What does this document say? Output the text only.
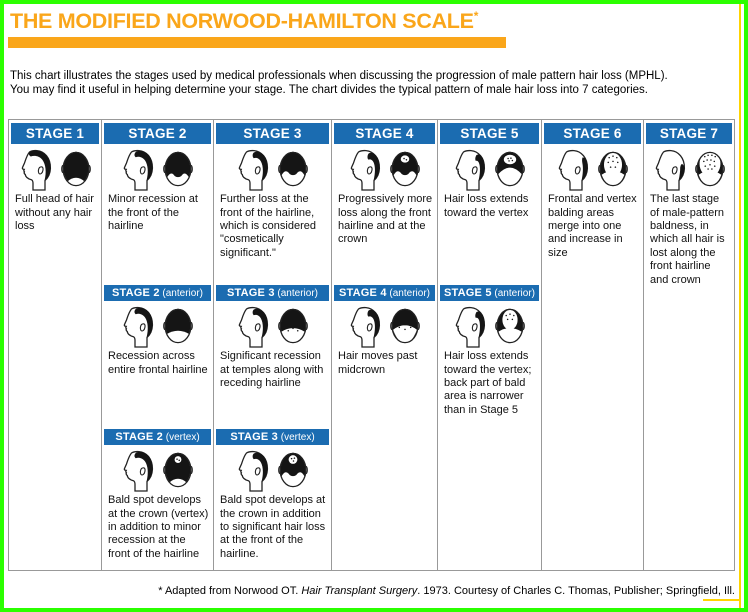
THE MODIFIED NORWOOD-HAMILTON SCALE*
This chart illustrates the stages used by medical professionals when discussing the progression of male pattern hair loss (MPHL).
You may find it useful in helping determine your stage. The chart divides the typical pattern of male hair loss into 7 categories.
STAGE 1
Full head of hair without any hair loss
STAGE 2
Minor recession at the front of the hairline
STAGE 2 (anterior)
Recession across entire frontal hairline
STAGE 2 (vertex)
Bald spot develops at the crown (vertex) in addition to minor recession at the front of the hairline
STAGE 3
Further loss at the front of the hairline, which is considered "cosmetically significant."
STAGE 3 (anterior)
Significant recession at temples along with receding hairline
STAGE 3 (vertex)
Bald spot develops at the crown in addition to significant hair loss at the front of the hairline.
STAGE 4
Progressively more loss along the front hairline and at the crown
STAGE 4 (anterior)
Hair moves past midcrown
STAGE 5
Hair loss extends toward the vertex
STAGE 5 (anterior)
Hair loss extends toward the vertex; back part of bald area is narrower than in Stage 5
STAGE 6
Frontal and vertex balding areas merge into one and increase in size
STAGE 7
The last stage of male-pattern baldness, in which all hair is lost along the front hairline and crown
* Adapted from Norwood OT. Hair Transplant Surgery. 1973. Courtesy of Charles C. Thomas, Publisher; Springfield, Ill.
